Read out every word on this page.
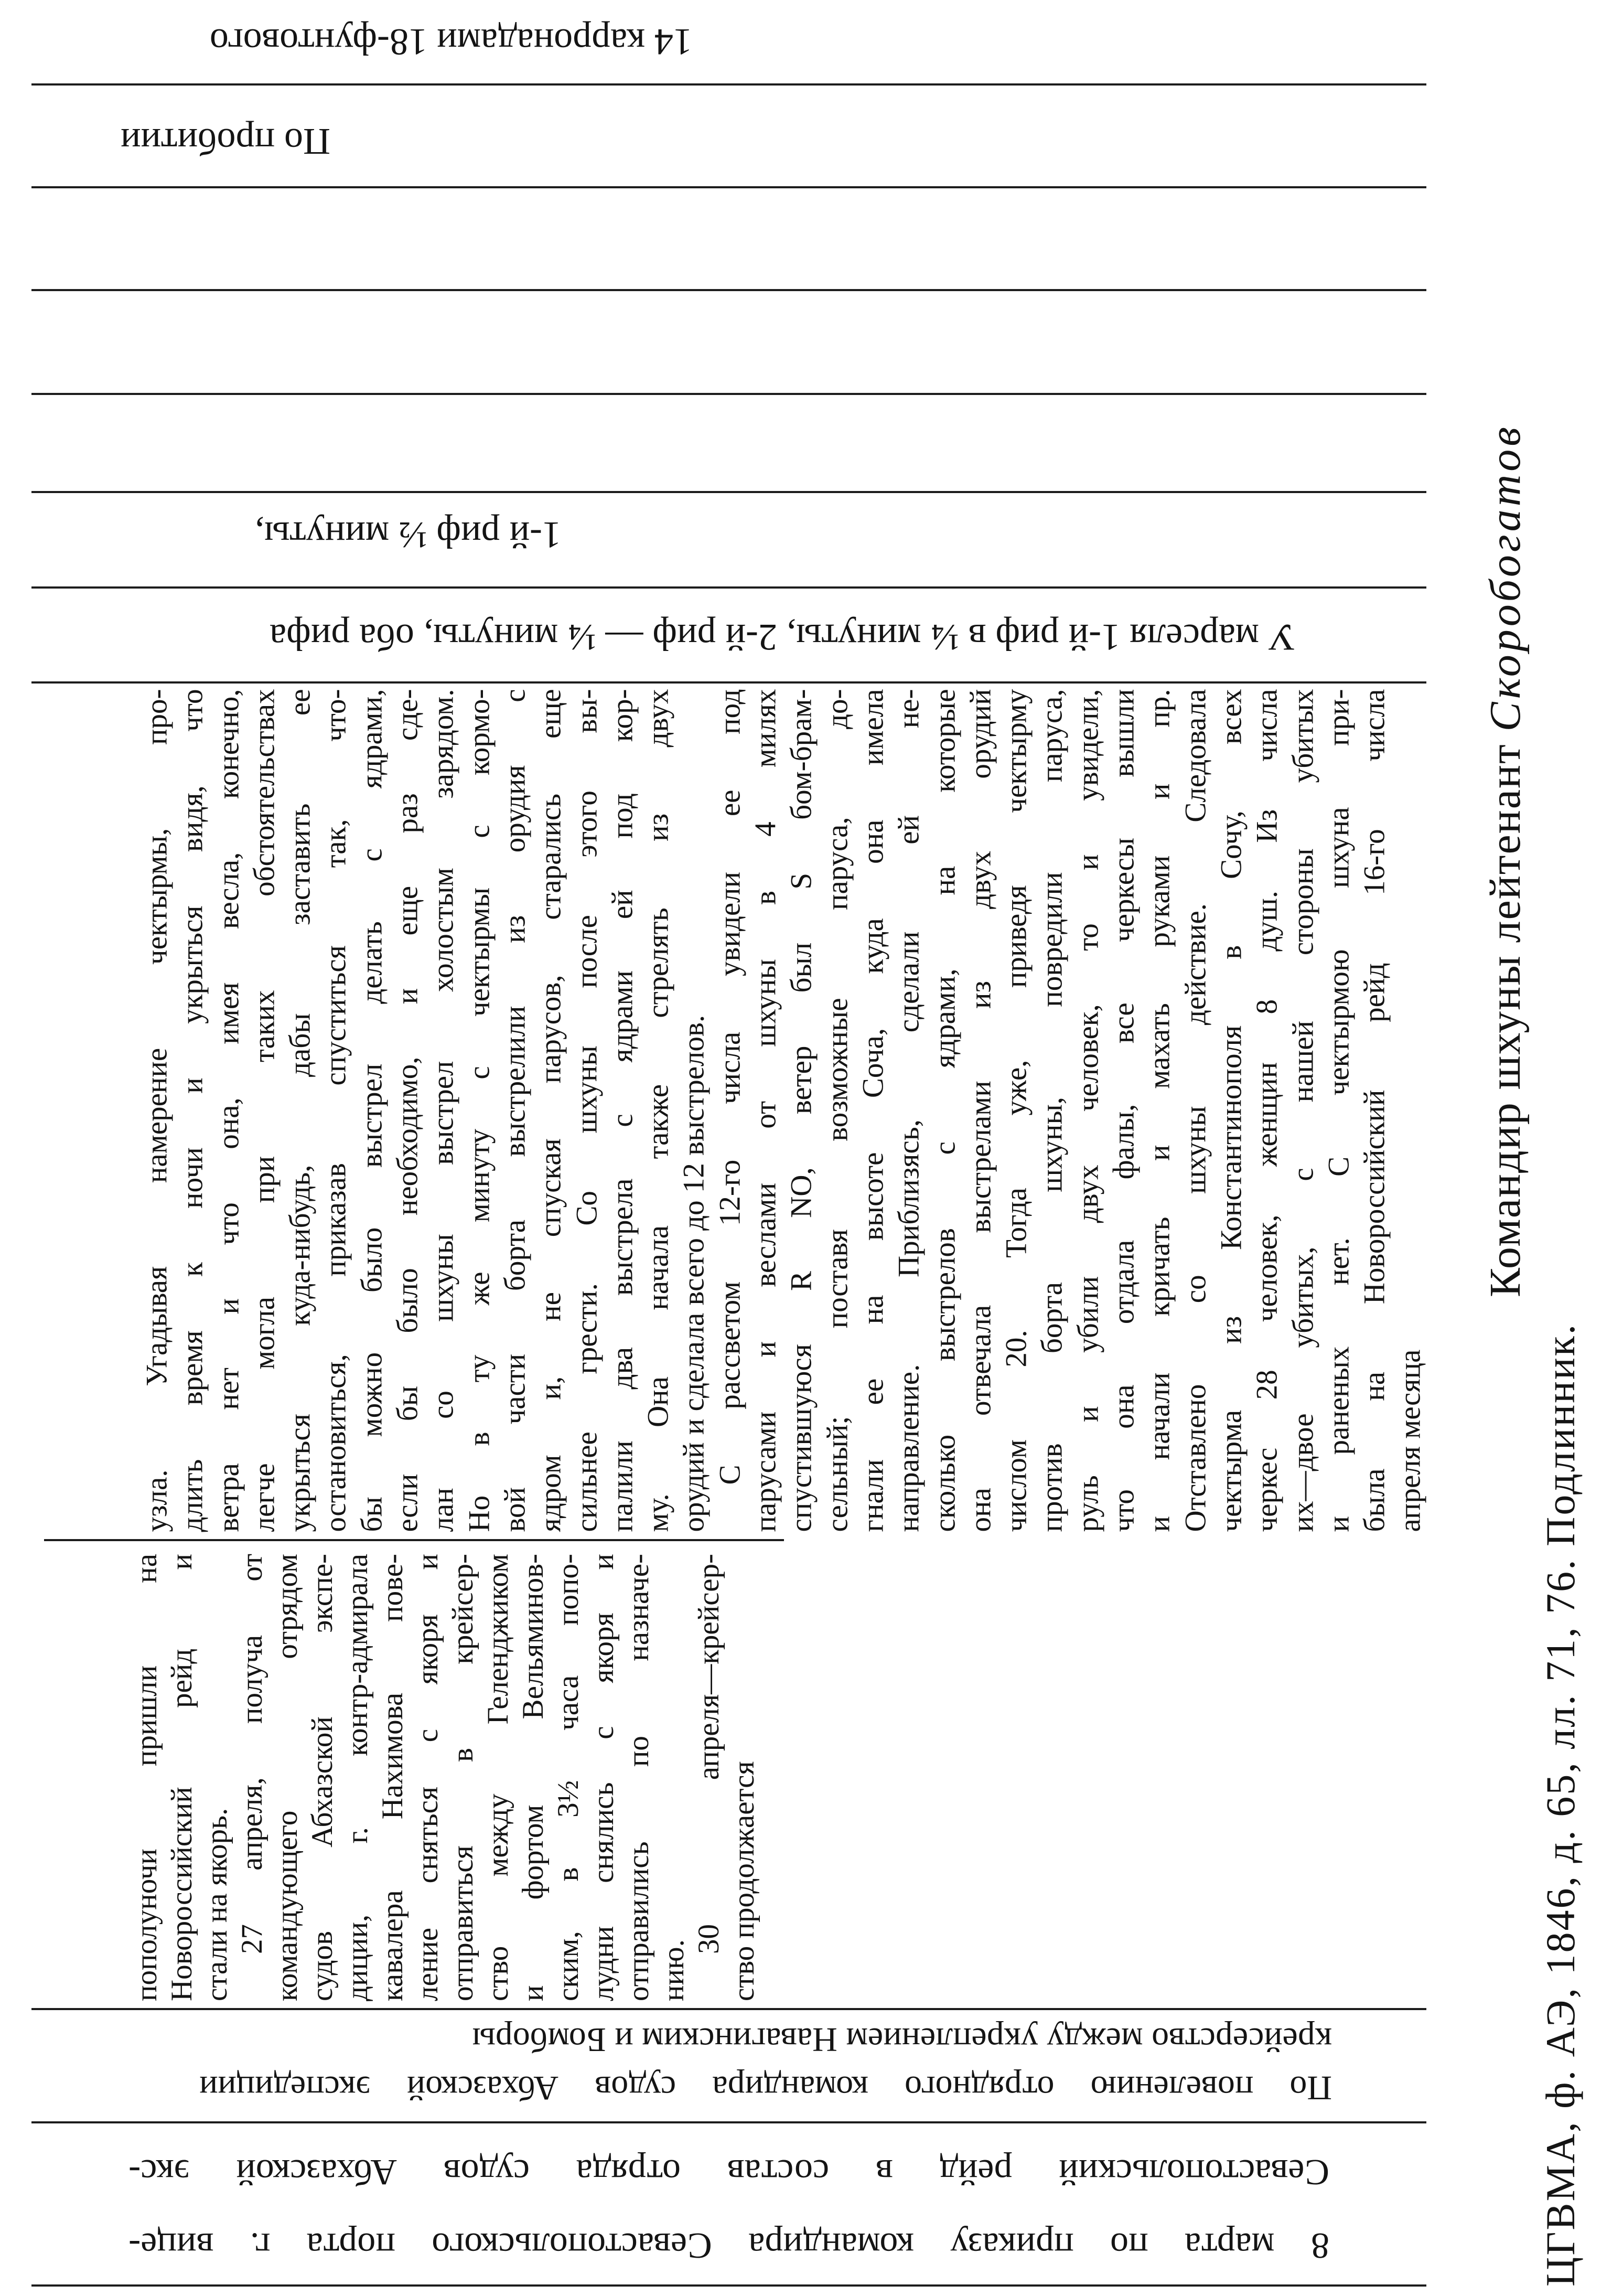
14 карронадами 18-фунтового
По пробитии
1-й риф ½ минуты,
У марселя 1-й риф в ¼ минуты, 2-й риф — ¼ минуты, оба рифа
узла. Угадывая намерение чектырмы, про- длить время к ночи и укрыться видя, что ветра нет и что она, имея весла, конечно, легче могла при таких обстоятельствах укрыться куда-нибудь, дабы заставить ее остановиться, приказав спуститься так, что- бы можно было выстрел делать с ядрами, если бы было необходимо, и еще раз сде- лан со шхуны выстрел холостым зарядом. Но в ту же минуту с чектырмы с кормо- вой части борта выстрелили из орудия с ядром и, не спуская парусов, старались еще сильнее грести. Со шхуны после этого вы- палили два выстрела с ядрами ей под кор- му. Она начала также стрелять из двух орудий и сделала всего до 12 выстрелов. С рассветом 12-го числа увидели ее под парусами и веслами от шхуны в 4 милях спустившуюся R NO, ветер был S бом-брам- сельный; поставя возможные паруса, до- гнали ее на высоте Соча, куда она имела направление. Приблизясь, сделали ей не- сколько выстрелов с ядрами, на которые она отвечала выстрелами из двух орудий числом 20. Тогда уже, приведя чектырму против борта шхуны, повредили паруса, руль и убили двух человек, то и увидели, что она отдала фалы, все черкесы вышли и начали кричать и махать руками и пр. Отставлено со шхуны действие. Следовала чектырма из Константинополя в Сочу, всех черкес 28 человек, женщин 8 душ. Из числа их—двое убитых, с нашей стороны убитых и раненых нет. С чектырмою шхуна при- была на Новороссийский рейд 16-го числа апреля месяца
пополуночи пришли на Новороссийский рейд и стали на якорь. 27 апреля, получа от командующего отрядом судов Абхазской экспе- диции, г. контр-адмирала кавалера Нахимова пове- ление сняться с якоря и отправиться в крейсер- ство между Геленджиком и фортом Вельяминов- ским, в 3½ часа попо- лудни снялись с якоря и отправились по назначе- нию.
30 апреля—крейсер- ство продолжается
По повелению отрядного командира судов Абхазской экспедиции
крейсерство между укреплением Навагинским и Бомборы
8 марта по приказу командира Севастопольского порта г. вице-
Севастопольский рейд в состав отряда судов Абхазской экс-
Командир шхуны лейтенант Скоробогатов
ЦГВМА, ф. АЭ, 1846, д. 65, лл. 71, 76. Подлинник.
